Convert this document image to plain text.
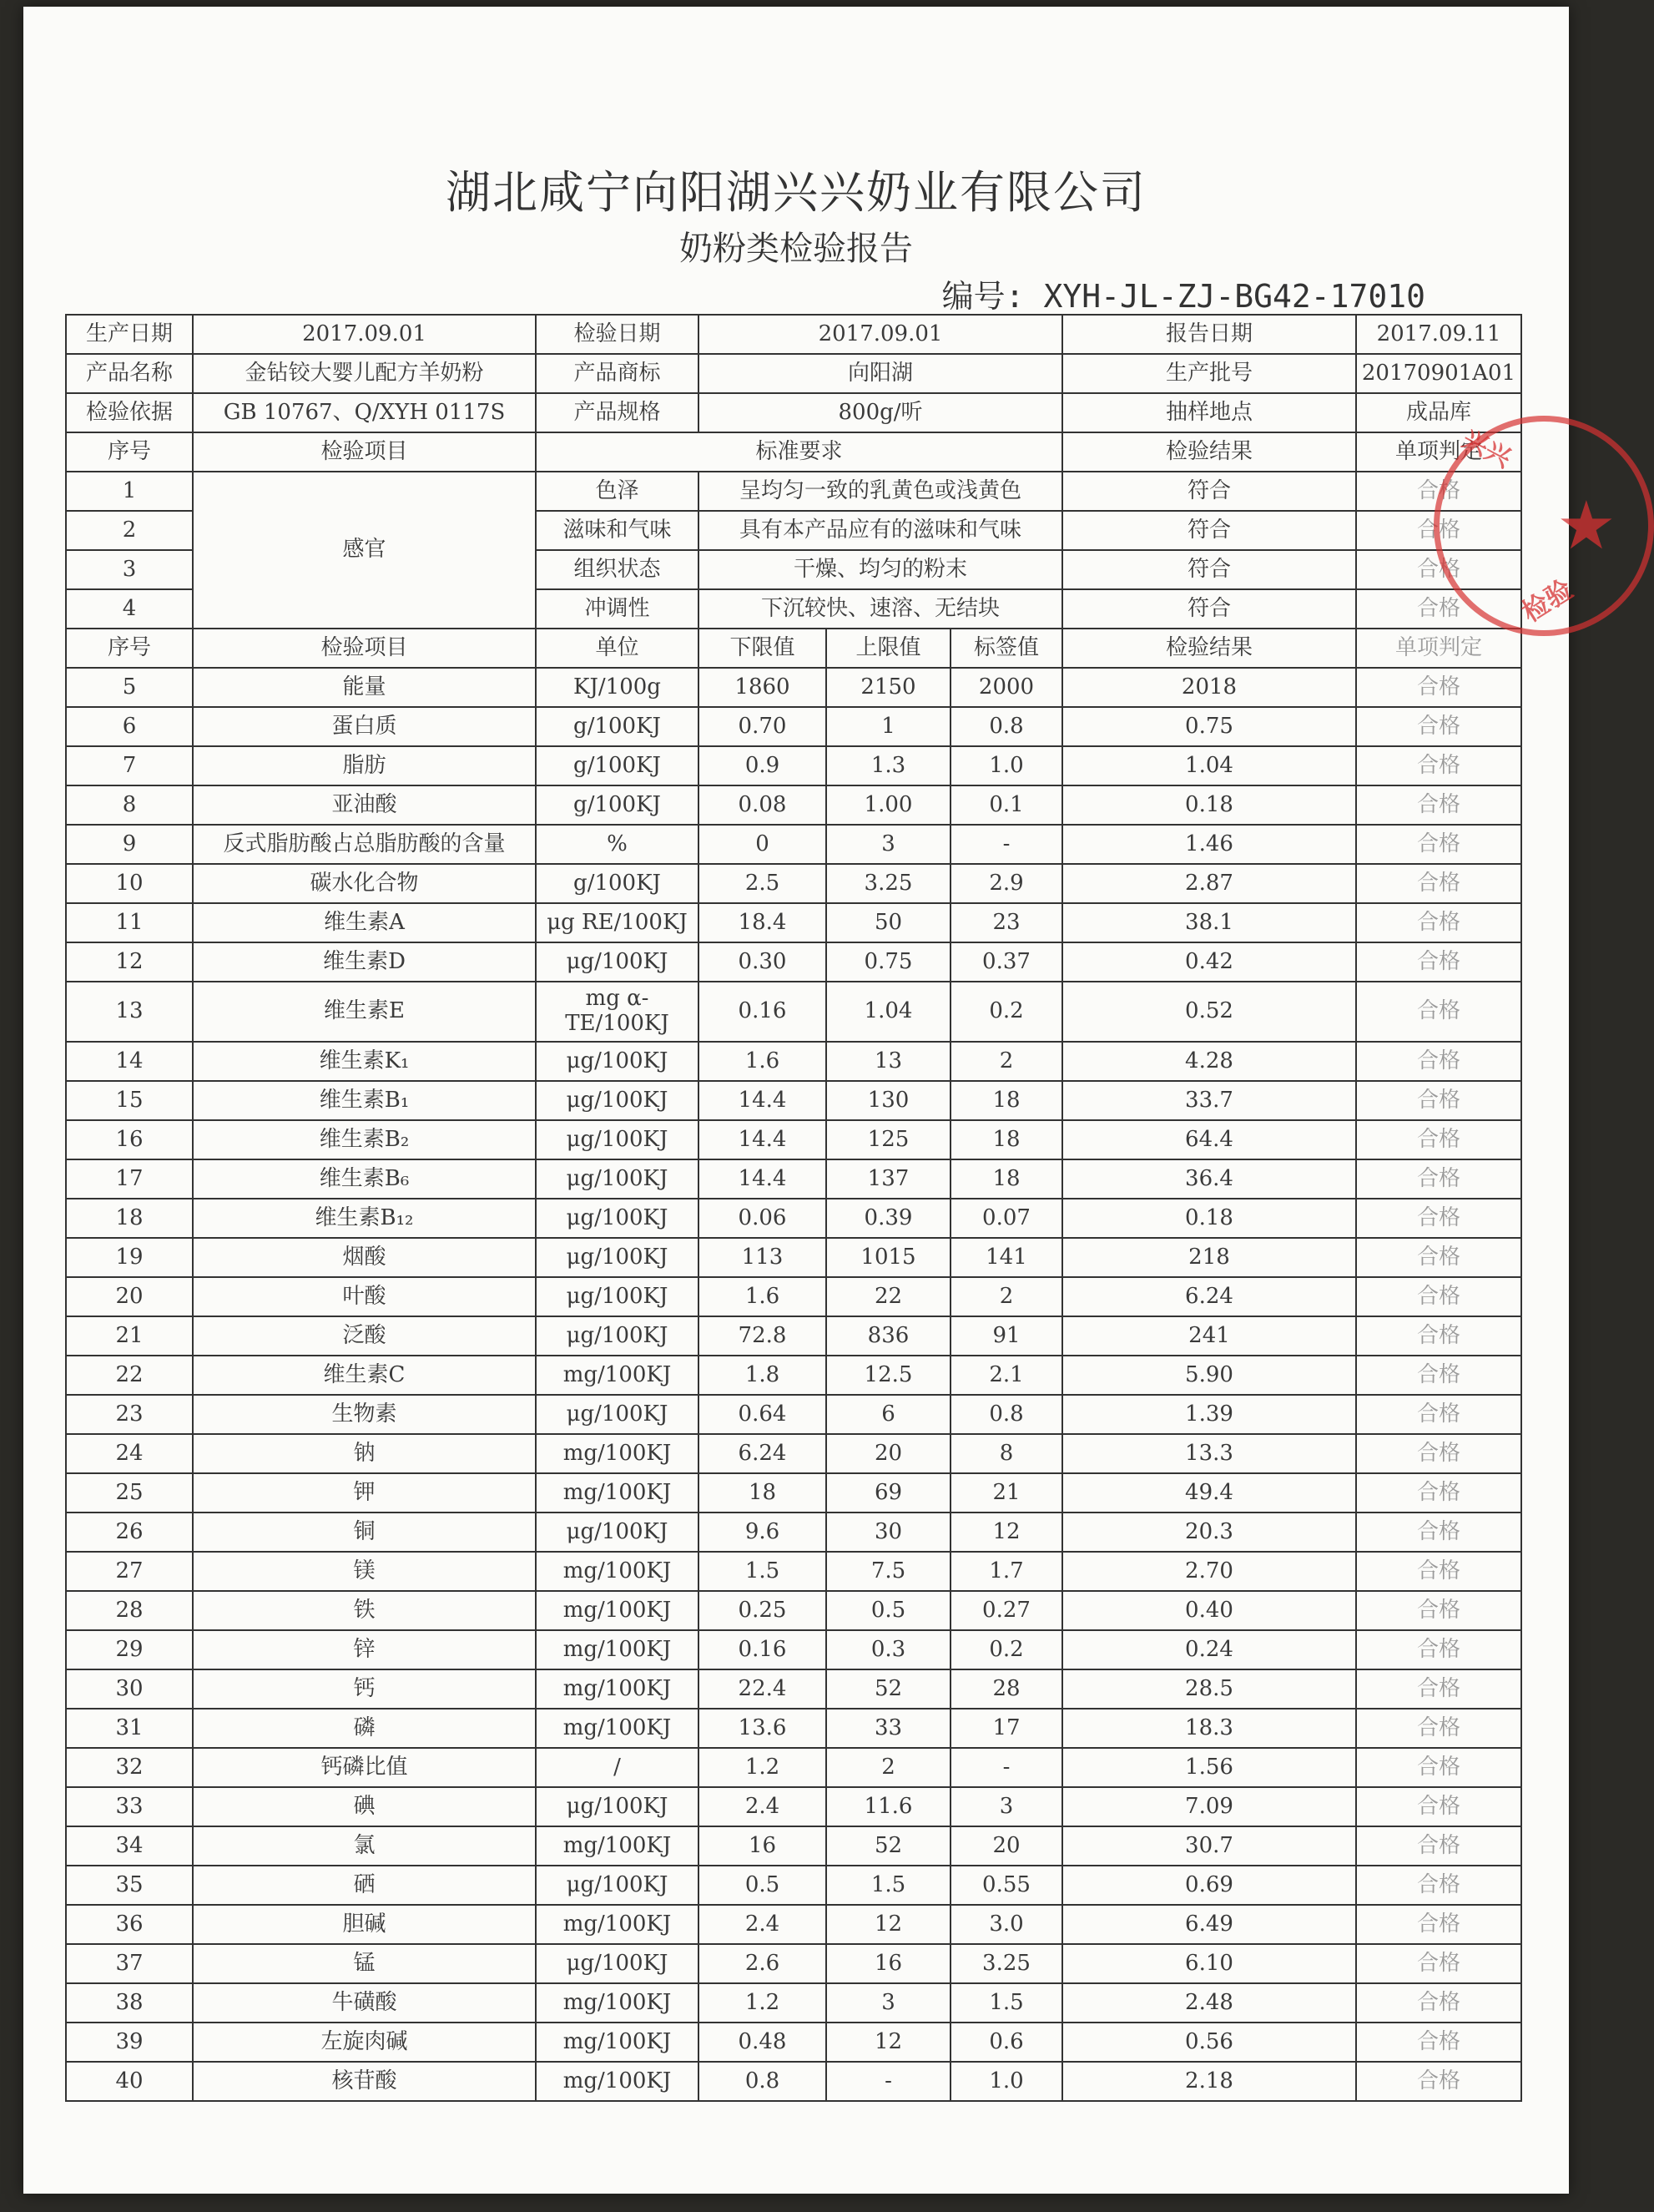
湖北咸宁向阳湖兴兴奶业有限公司
奶粉类检验报告
编号: XYH-JL-ZJ-BG42-17010
生产日期	2017.09.01	检验日期	2017.09.01			报告日期	2017.09.11
产品名称	金钻铰大婴儿配方羊奶粉	产品商标	向阳湖			生产批号	20170901A01
检验依据	GB 10767、Q/XYH 0117S	产品规格	800g/听			抽样地点	成品库
序号	检验项目	标准要求				检验结果	单项判定
1	感官	色泽	呈均匀一致的乳黄色或浅黄色			符合	合格
2		滋味和气味	具有本产品应有的滋味和气味			符合	合格
3		组织状态	干燥、均匀的粉末			符合	合格
4		冲调性	下沉较快、速溶、无结块			符合	合格
序号	检验项目	单位	下限值	上限值	标签值	检验结果	单项判定
5	能量	KJ/100g	1860	2150	2000	2018	合格
6	蛋白质	g/100KJ	0.70	1	0.8	0.75	合格
7	脂肪	g/100KJ	0.9	1.3	1.0	1.04	合格
8	亚油酸	g/100KJ	0.08	1.00	0.1	0.18	合格
9	反式脂肪酸占总脂肪酸的含量	%	0	3	-	1.46	合格
10	碳水化合物	g/100KJ	2.5	3.25	2.9	2.87	合格
11	维生素A	μg RE/100KJ	18.4	50	23	38.1	合格
12	维生素D	μg/100KJ	0.30	0.75	0.37	0.42	合格
13	维生素E	mg α-TE/100KJ	0.16	1.04	0.2	0.52	合格
14	维生素K₁	μg/100KJ	1.6	13	2	4.28	合格
15	维生素B₁	μg/100KJ	14.4	130	18	33.7	合格
16	维生素B₂	μg/100KJ	14.4	125	18	64.4	合格
17	维生素B₆	μg/100KJ	14.4	137	18	36.4	合格
18	维生素B₁₂	μg/100KJ	0.06	0.39	0.07	0.18	合格
19	烟酸	μg/100KJ	113	1015	141	218	合格
20	叶酸	μg/100KJ	1.6	22	2	6.24	合格
21	泛酸	μg/100KJ	72.8	836	91	241	合格
22	维生素C	mg/100KJ	1.8	12.5	2.1	5.90	合格
23	生物素	μg/100KJ	0.64	6	0.8	1.39	合格
24	钠	mg/100KJ	6.24	20	8	13.3	合格
25	钾	mg/100KJ	18	69	21	49.4	合格
26	铜	μg/100KJ	9.6	30	12	20.3	合格
27	镁	mg/100KJ	1.5	7.5	1.7	2.70	合格
28	铁	mg/100KJ	0.25	0.5	0.27	0.40	合格
29	锌	mg/100KJ	0.16	0.3	0.2	0.24	合格
30	钙	mg/100KJ	22.4	52	28	28.5	合格
31	磷	mg/100KJ	13.6	33	17	18.3	合格
32	钙磷比值	/	1.2	2	-	1.56	合格
33	碘	μg/100KJ	2.4	11.6	3	7.09	合格
34	氯	mg/100KJ	16	52	20	30.7	合格
35	硒	μg/100KJ	0.5	1.5	0.55	0.69	合格
36	胆碱	mg/100KJ	2.4	12	3.0	6.49	合格
37	锰	μg/100KJ	2.6	16	3.25	6.10	合格
38	牛磺酸	mg/100KJ	1.2	3	1.5	2.48	合格
39	左旋肉碱	mg/100KJ	0.48	12	0.6	0.56	合格
40	核苷酸	mg/100KJ	0.8	-	1.0	2.18	合格
兴兴
★
检验
